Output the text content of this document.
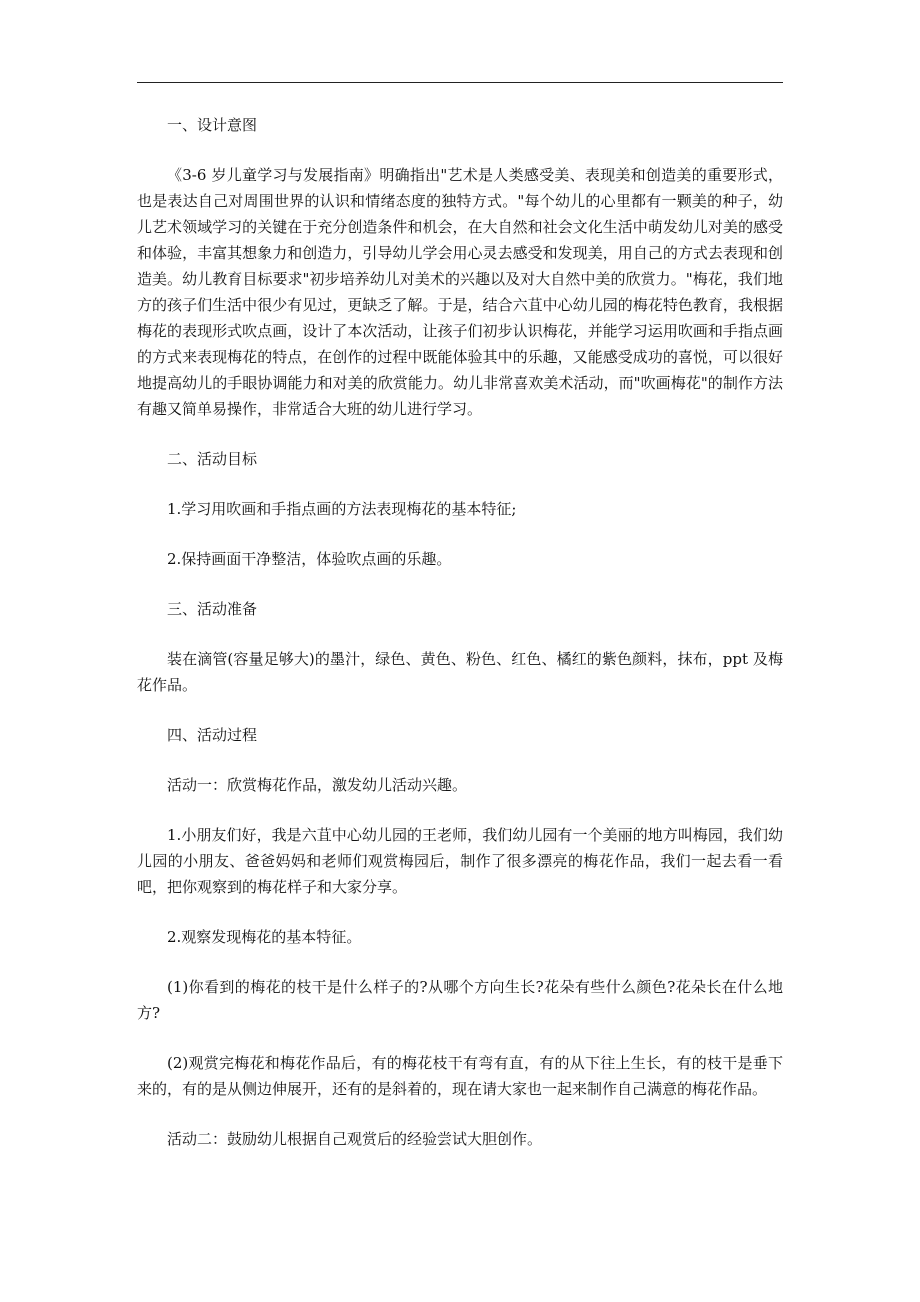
一、设计意图

《3-6 岁儿童学习与发展指南》明确指出"艺术是人类感受美、表现美和创造美的重要形式，也是表达自己对周围世界的认识和情绪态度的独特方式。"每个幼儿的心里都有一颗美的种子，幼儿艺术领域学习的关键在于充分创造条件和机会，在大自然和社会文化生活中萌发幼儿对美的感受和体验，丰富其想象力和创造力，引导幼儿学会用心灵去感受和发现美，用自己的方式去表现和创造美。幼儿教育目标要求"初步培养幼儿对美术的兴趣以及对大自然中美的欣赏力。"梅花，我们地方的孩子们生活中很少有见过，更缺乏了解。于是，结合六苴中心幼儿园的梅花特色教育，我根据梅花的表现形式吹点画，设计了本次活动，让孩子们初步认识梅花，并能学习运用吹画和手指点画的方式来表现梅花的特点，在创作的过程中既能体验其中的乐趣，又能感受成功的喜悦，可以很好地提高幼儿的手眼协调能力和对美的欣赏能力。幼儿非常喜欢美术活动，而"吹画梅花"的制作方法有趣又简单易操作，非常适合大班的幼儿进行学习。

二、活动目标

1.学习用吹画和手指点画的方法表现梅花的基本特征;

2.保持画面干净整洁，体验吹点画的乐趣。

三、活动准备

装在滴管(容量足够大)的墨汁，绿色、黄色、粉色、红色、橘红的紫色颜料，抹布，ppt 及梅花作品。

四、活动过程

活动一：欣赏梅花作品，激发幼儿活动兴趣。

1.小朋友们好，我是六苴中心幼儿园的王老师，我们幼儿园有一个美丽的地方叫梅园，我们幼儿园的小朋友、爸爸妈妈和老师们观赏梅园后，制作了很多漂亮的梅花作品，我们一起去看一看吧，把你观察到的梅花样子和大家分享。

2.观察发现梅花的基本特征。

(1)你看到的梅花的枝干是什么样子的?从哪个方向生长?花朵有些什么颜色?花朵长在什么地方?

(2)观赏完梅花和梅花作品后，有的梅花枝干有弯有直，有的从下往上生长，有的枝干是垂下来的，有的是从侧边伸展开，还有的是斜着的，现在请大家也一起来制作自己满意的梅花作品。

活动二：鼓励幼儿根据自己观赏后的经验尝试大胆创作。
